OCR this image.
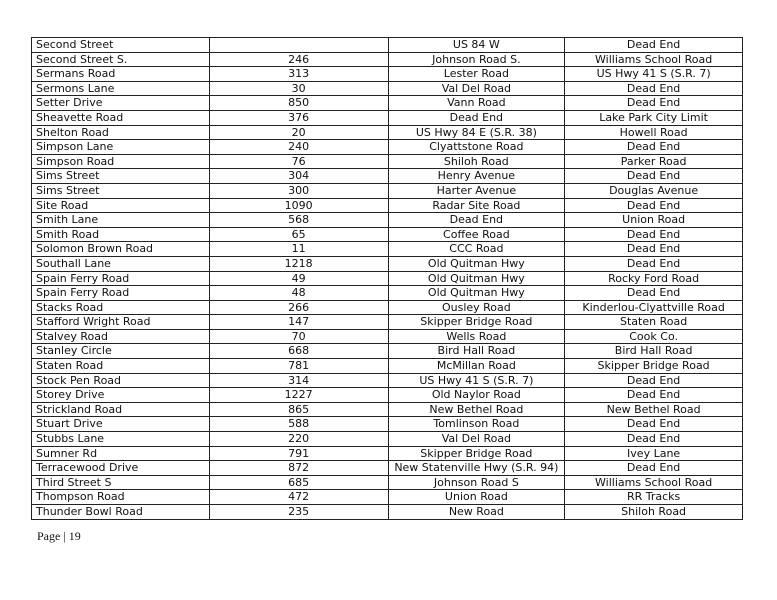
Second Street		US 84 W	Dead End
Second Street S.	246	Johnson Road S.	Williams School Road
Sermans Road	313	Lester Road	US Hwy 41 S (S.R. 7)
Sermons Lane	30	Val Del Road	Dead End
Setter Drive	850	Vann Road	Dead End
Sheavette Road	376	Dead End	Lake Park City Limit
Shelton Road	20	US Hwy 84 E (S.R. 38)	Howell Road
Simpson Lane	240	Clyattstone Road	Dead End
Simpson Road	76	Shiloh Road	Parker Road
Sims Street	304	Henry Avenue	Dead End
Sims Street	300	Harter Avenue	Douglas Avenue
Site Road	1090	Radar Site Road	Dead End
Smith Lane	568	Dead End	Union Road
Smith Road	65	Coffee Road	Dead End
Solomon Brown Road	11	CCC Road	Dead End
Southall Lane	1218	Old Quitman Hwy	Dead End
Spain Ferry Road	49	Old Quitman Hwy	Rocky Ford Road
Spain Ferry Road	48	Old Quitman Hwy	Dead End
Stacks Road	266	Ousley Road	Kinderlou-Clyattville Road
Stafford Wright Road	147	Skipper Bridge Road	Staten Road
Stalvey Road	70	Wells Road	Cook Co.
Stanley Circle	668	Bird Hall Road	Bird Hall Road
Staten Road	781	McMillan Road	Skipper Bridge Road
Stock Pen Road	314	US Hwy 41 S (S.R. 7)	Dead End
Storey Drive	1227	Old Naylor Road	Dead End
Strickland Road	865	New Bethel Road	New Bethel Road
Stuart Drive	588	Tomlinson Road	Dead End
Stubbs Lane	220	Val Del Road	Dead End
Sumner Rd	791	Skipper Bridge Road	Ivey Lane
Terracewood Drive	872	New Statenville Hwy (S.R. 94)	Dead End
Third Street S	685	Johnson Road S	Williams School Road
Thompson Road	472	Union Road	RR Tracks
Thunder Bowl Road	235	New Road	Shiloh Road
Page | 19
